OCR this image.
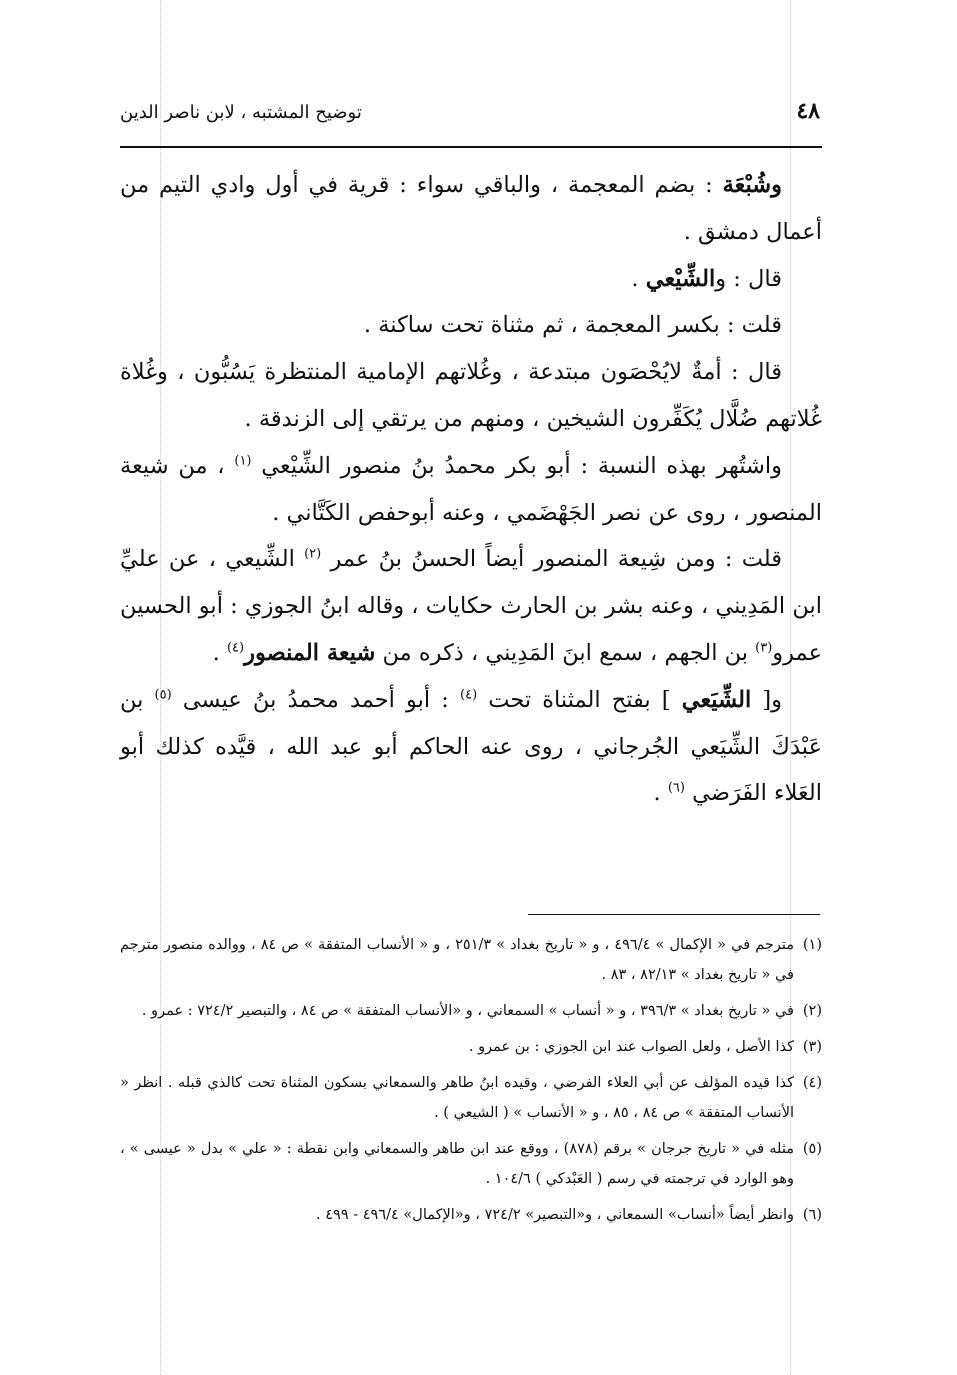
٤٨
توضيح المشتبه ، لابن ناصر الدين

وشُبْعَة : بضم المعجمة ، والباقي سواء : قرية في أول وادي التيم من أعمال دمشق .

قال : والشِّيْعي .

قلت : بكسر المعجمة ، ثم مثناة تحت ساكنة .

قال : أمةٌ لايُحْصَون مبتدعة ، وغُلاتهم الإمامية المنتظرة يَسُبُّون ، وغُلاة غُلاتهم ضُلَّال يُكَفِّرون الشيخين ، ومنهم من يرتقي إلى الزندقة .

واشتُهر بهذه النسبة : أبو بكر محمدُ بنُ منصور الشِّيْعي $^{(١)}$ ، من شيعة المنصور ، روى عن نصر الجَهْضَمي ، وعنه أبوحفص الكَتَّاني .

قلت : ومن شِيعة المنصور أيضاً الحسنُ بنُ عمر $^{(٢)}$ الشِّيعي ، عن عليِّ ابن المَدِيني ، وعنه بشر بن الحارث حكايات ، وقاله ابنُ الجوزي : أبو الحسين عمرو$^{(٣)}$ بن الجهم ، سمع ابنَ المَدِيني ، ذكره من شيعة المنصور$^{(٤)}$ .

و[ الشِّيَعي ] بفتح المثناة تحت $^{(٤)}$ : أبو أحمد محمدُ بنُ عيسى $^{(٥)}$ بن عَبْدَكَ الشِّيَعي الجُرجاني ، روى عنه الحاكم أبو عبد الله ، قيَّده كذلك أبو العَلاء الفَرَضي $^{(٦)}$ .

(١)
مترجم في « الإكمال » ٤٩٦/٤ ، و « تاريخ بغداد » ٢٥١/٣ ، و « الأنساب المتفقة » ص ٨٤ ، ووالده منصور مترجم في « تاريخ بغداد » ٨٢/١٣ ، ٨٣ .

(٢)
في « تاريخ بغداد » ٣٩٦/٣ ، و « أنساب » السمعاني ، و «الأنساب المتفقة » ص ٨٤ ، والتبصير ٧٢٤/٢ : عمرو .

(٣)
كذا الأصل ، ولعل الصواب عند ابن الجوزي : بن عمرو .

(٤)
كذا قيده المؤلف عن أبي العلاء الفرضي ، وقيده ابنُ طاهر والسمعاني بسكون المثناة تحت كالذي قبله . انظر « الأنساب المتفقة » ص ٨٤ ، ٨٥ ، و « الأنساب » ( الشيعي ) .

(٥)
مثله في « تاريخ جرجان » برقم (٨٧٨) ، ووقع عند ابن طاهر والسمعاني وابن نقطة : « علي » بدل « عيسى » ، وهو الوارد في ترجمته في رسم ( العَبْدكي ) ١٠٤/٦ .

(٦)
وانظر أيضاً «أنساب» السمعاني ، و«التبصير» ٧٢٤/٢ ، و«الإكمال» ٤٩٦/٤ - ٤٩٩ .
